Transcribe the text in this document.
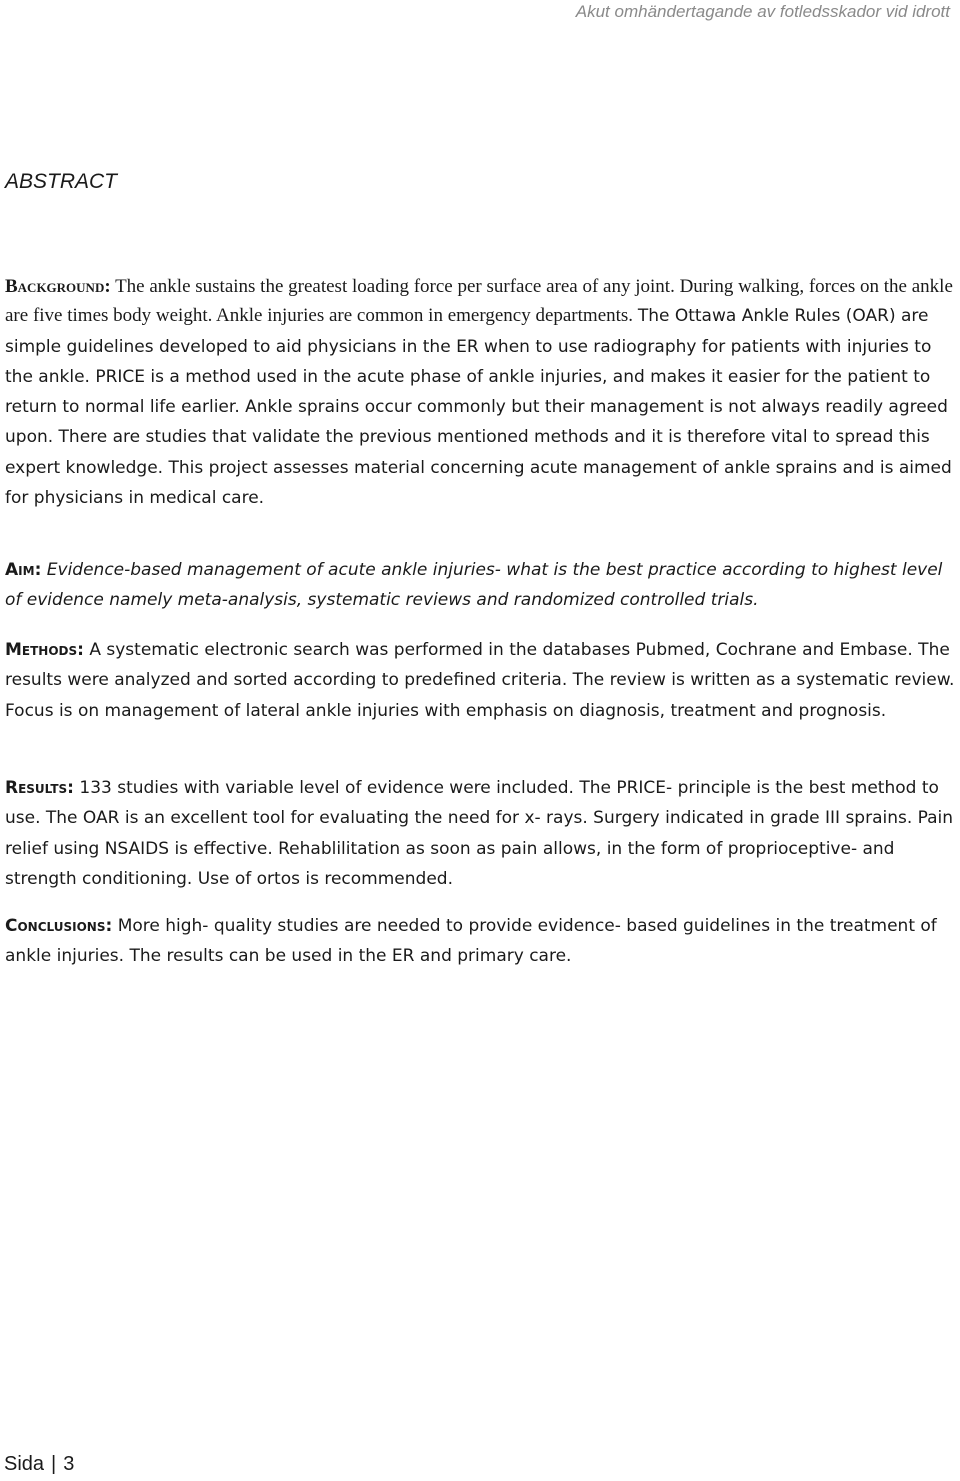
Akut omhändertagande av fotledsskador vid idrott
ABSTRACT
Background: The ankle sustains the greatest loading force per surface area of any joint. During walking, forces on the ankle are five times body weight. Ankle injuries are common in emergency departments. The Ottawa Ankle Rules (OAR) are simple guidelines developed to aid physicians in the ER when to use radiography for patients with injuries to the ankle. PRICE is a method used in the acute phase of ankle injuries, and makes it easier for the patient to return to normal life earlier. Ankle sprains occur commonly but their management is not always readily agreed upon. There are studies that validate the previous mentioned methods and it is therefore vital to spread this expert knowledge. This project assesses material concerning acute management of ankle sprains and is aimed for physicians in medical care.
Aim: Evidence-based management of acute ankle injuries- what is the best practice according to highest level of evidence namely meta-analysis, systematic reviews and randomized controlled trials.
Methods: A systematic electronic search was performed in the databases Pubmed, Cochrane and Embase. The results were analyzed and sorted according to predefined criteria. The review is written as a systematic review. Focus is on management of lateral ankle injuries with emphasis on diagnosis, treatment and prognosis.
Results: 133 studies with variable level of evidence were included. The PRICE- principle is the best method to use. The OAR is an excellent tool for evaluating the need for x- rays. Surgery indicated in grade III sprains. Pain relief using NSAIDS is effective. Rehablilitation as soon as pain allows, in the form of proprioceptive- and strength conditioning. Use of ortos is recommended.
Conclusions: More high- quality studies are needed to provide evidence- based guidelines in the treatment of ankle injuries. The results can be used in the ER and primary care.
Sida | 3
